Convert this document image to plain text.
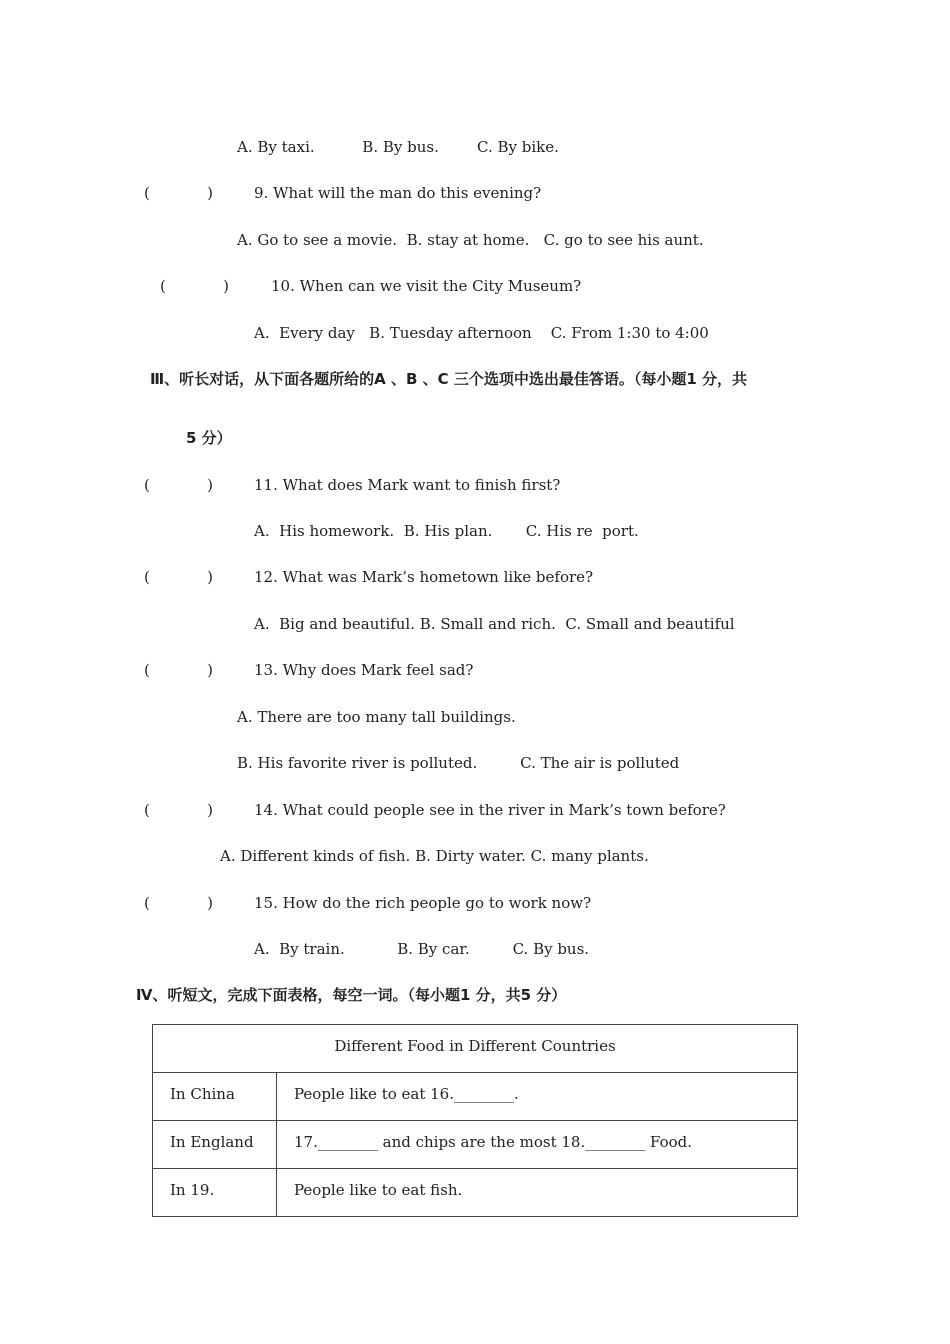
A. By taxi.          B. By bus.        C. By bike.
(            )	9. What will the man do this evening?
A. Go to see a movie.  B. stay at home.   C. go to see his aunt.
(            )	10. When can we visit the City Museum?
A.  Every day   B. Tuesday afternoon    C. From 1:30 to 4:00
Ⅲ、听长对话，从下面各题所给的A 、B 、C 三个选项中选出最佳答语。（每小题1 分，共
5 分）
(            )	11. What does Mark want to finish first?
A.  His homework.  B. His plan.       C. His re  port.
(            )	12. What was Mark’s hometown like before?
A.  Big and beautiful. B. Small and rich.  C. Small and beautiful
(            )	13. Why does Mark feel sad?
A. There are too many tall buildings.
B. His favorite river is polluted.         C. The air is polluted
(            )	14. What could people see in the river in Mark’s town before?
A. Different kinds of fish. B. Dirty water. C. many plants.
(            )	15. How do the rich people go to work now?
A.  By train.           B. By car.         C. By bus.
Ⅳ、听短文，完成下面表格，每空一词。（每小题1 分，共5 分）
Different Food in Different Countries	
In China	People like to eat 16.________.
In England	17.________ and chips are the most 18.________ Food.
In 19.	People like to eat fish.
